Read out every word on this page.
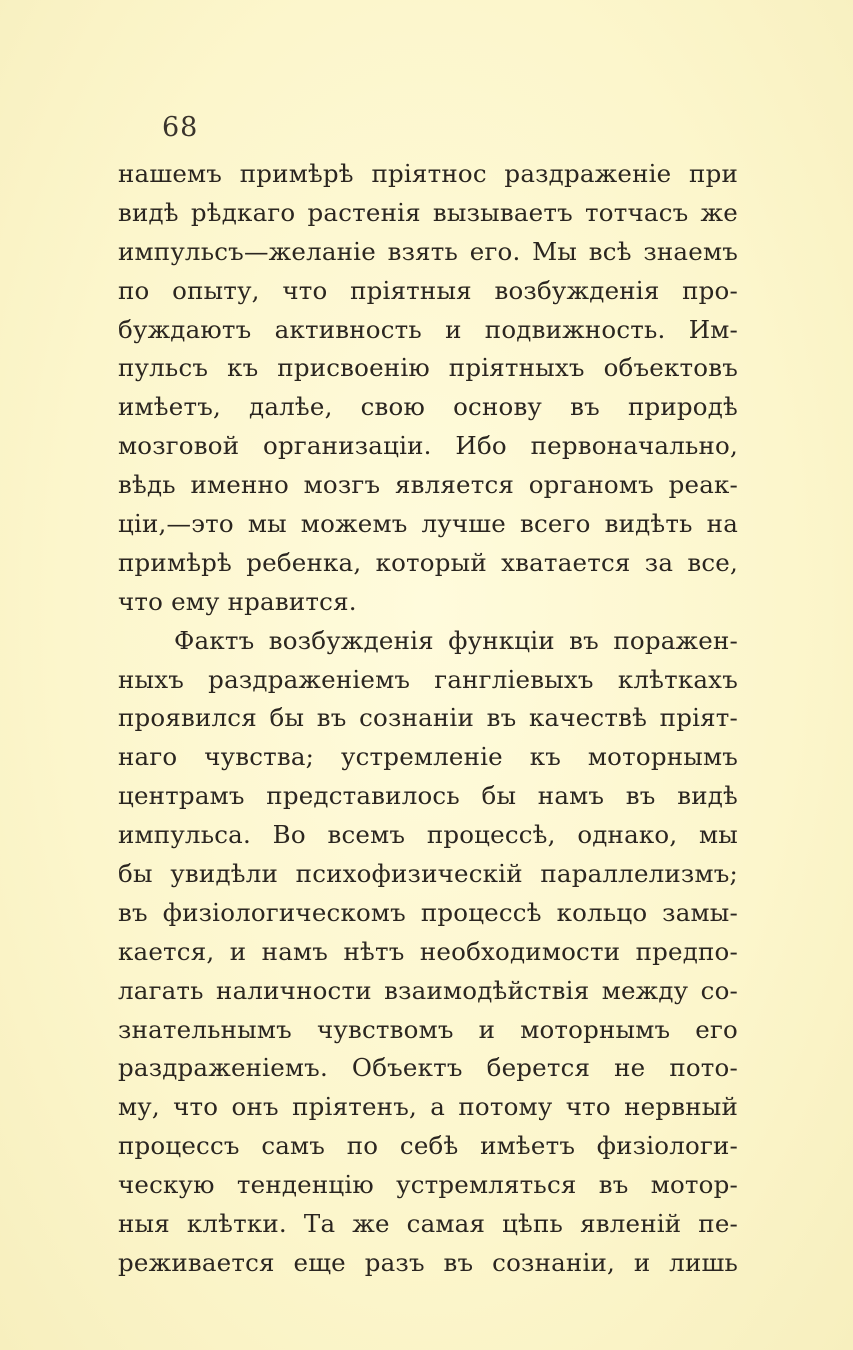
68
нашемъ примѣрѣ пріятнос раздраженіе при
видѣ рѣдкаго растенія вызываетъ тотчасъ же
импульсъ—желаніе взять его. Мы всѣ знаемъ
по опыту, что пріятныя возбужденія про-
буждаютъ активность и подвижность. Им-
пульсъ къ присвоенію пріятныхъ объектовъ
имѣетъ, далѣе, свою основу въ природѣ
мозговой организаціи. Ибо первоначально,
вѣдь именно мозгъ является органомъ реак-
ціи,—это мы можемъ лучше всего видѣть на
примѣрѣ ребенка, который хватается за все,
что ему нравится.
Фактъ возбужденія функціи въ поражен-
ныхъ раздраженіемъ гангліевыхъ клѣткахъ
проявился бы въ сознаніи въ качествѣ пріят-
наго чувства; устремленіе къ моторнымъ
центрамъ представилось бы намъ въ видѣ
импульса. Во всемъ процессѣ, однако, мы
бы увидѣли психофизическій параллелизмъ;
въ физіологическомъ процессѣ кольцо замы-
кается, и намъ нѣтъ необходимости предпо-
лагать наличности взаимодѣйствія между со-
знательнымъ чувствомъ и моторнымъ его
раздраженіемъ. Объектъ берется не пото-
му, что онъ пріятенъ, а потому что нервный
процессъ самъ по себѣ имѣетъ физіологи-
ческую тенденцію устремляться въ мотор-
ныя клѣтки. Та же самая цѣпь явленій пе-
реживается еще разъ въ сознаніи, и лишь
